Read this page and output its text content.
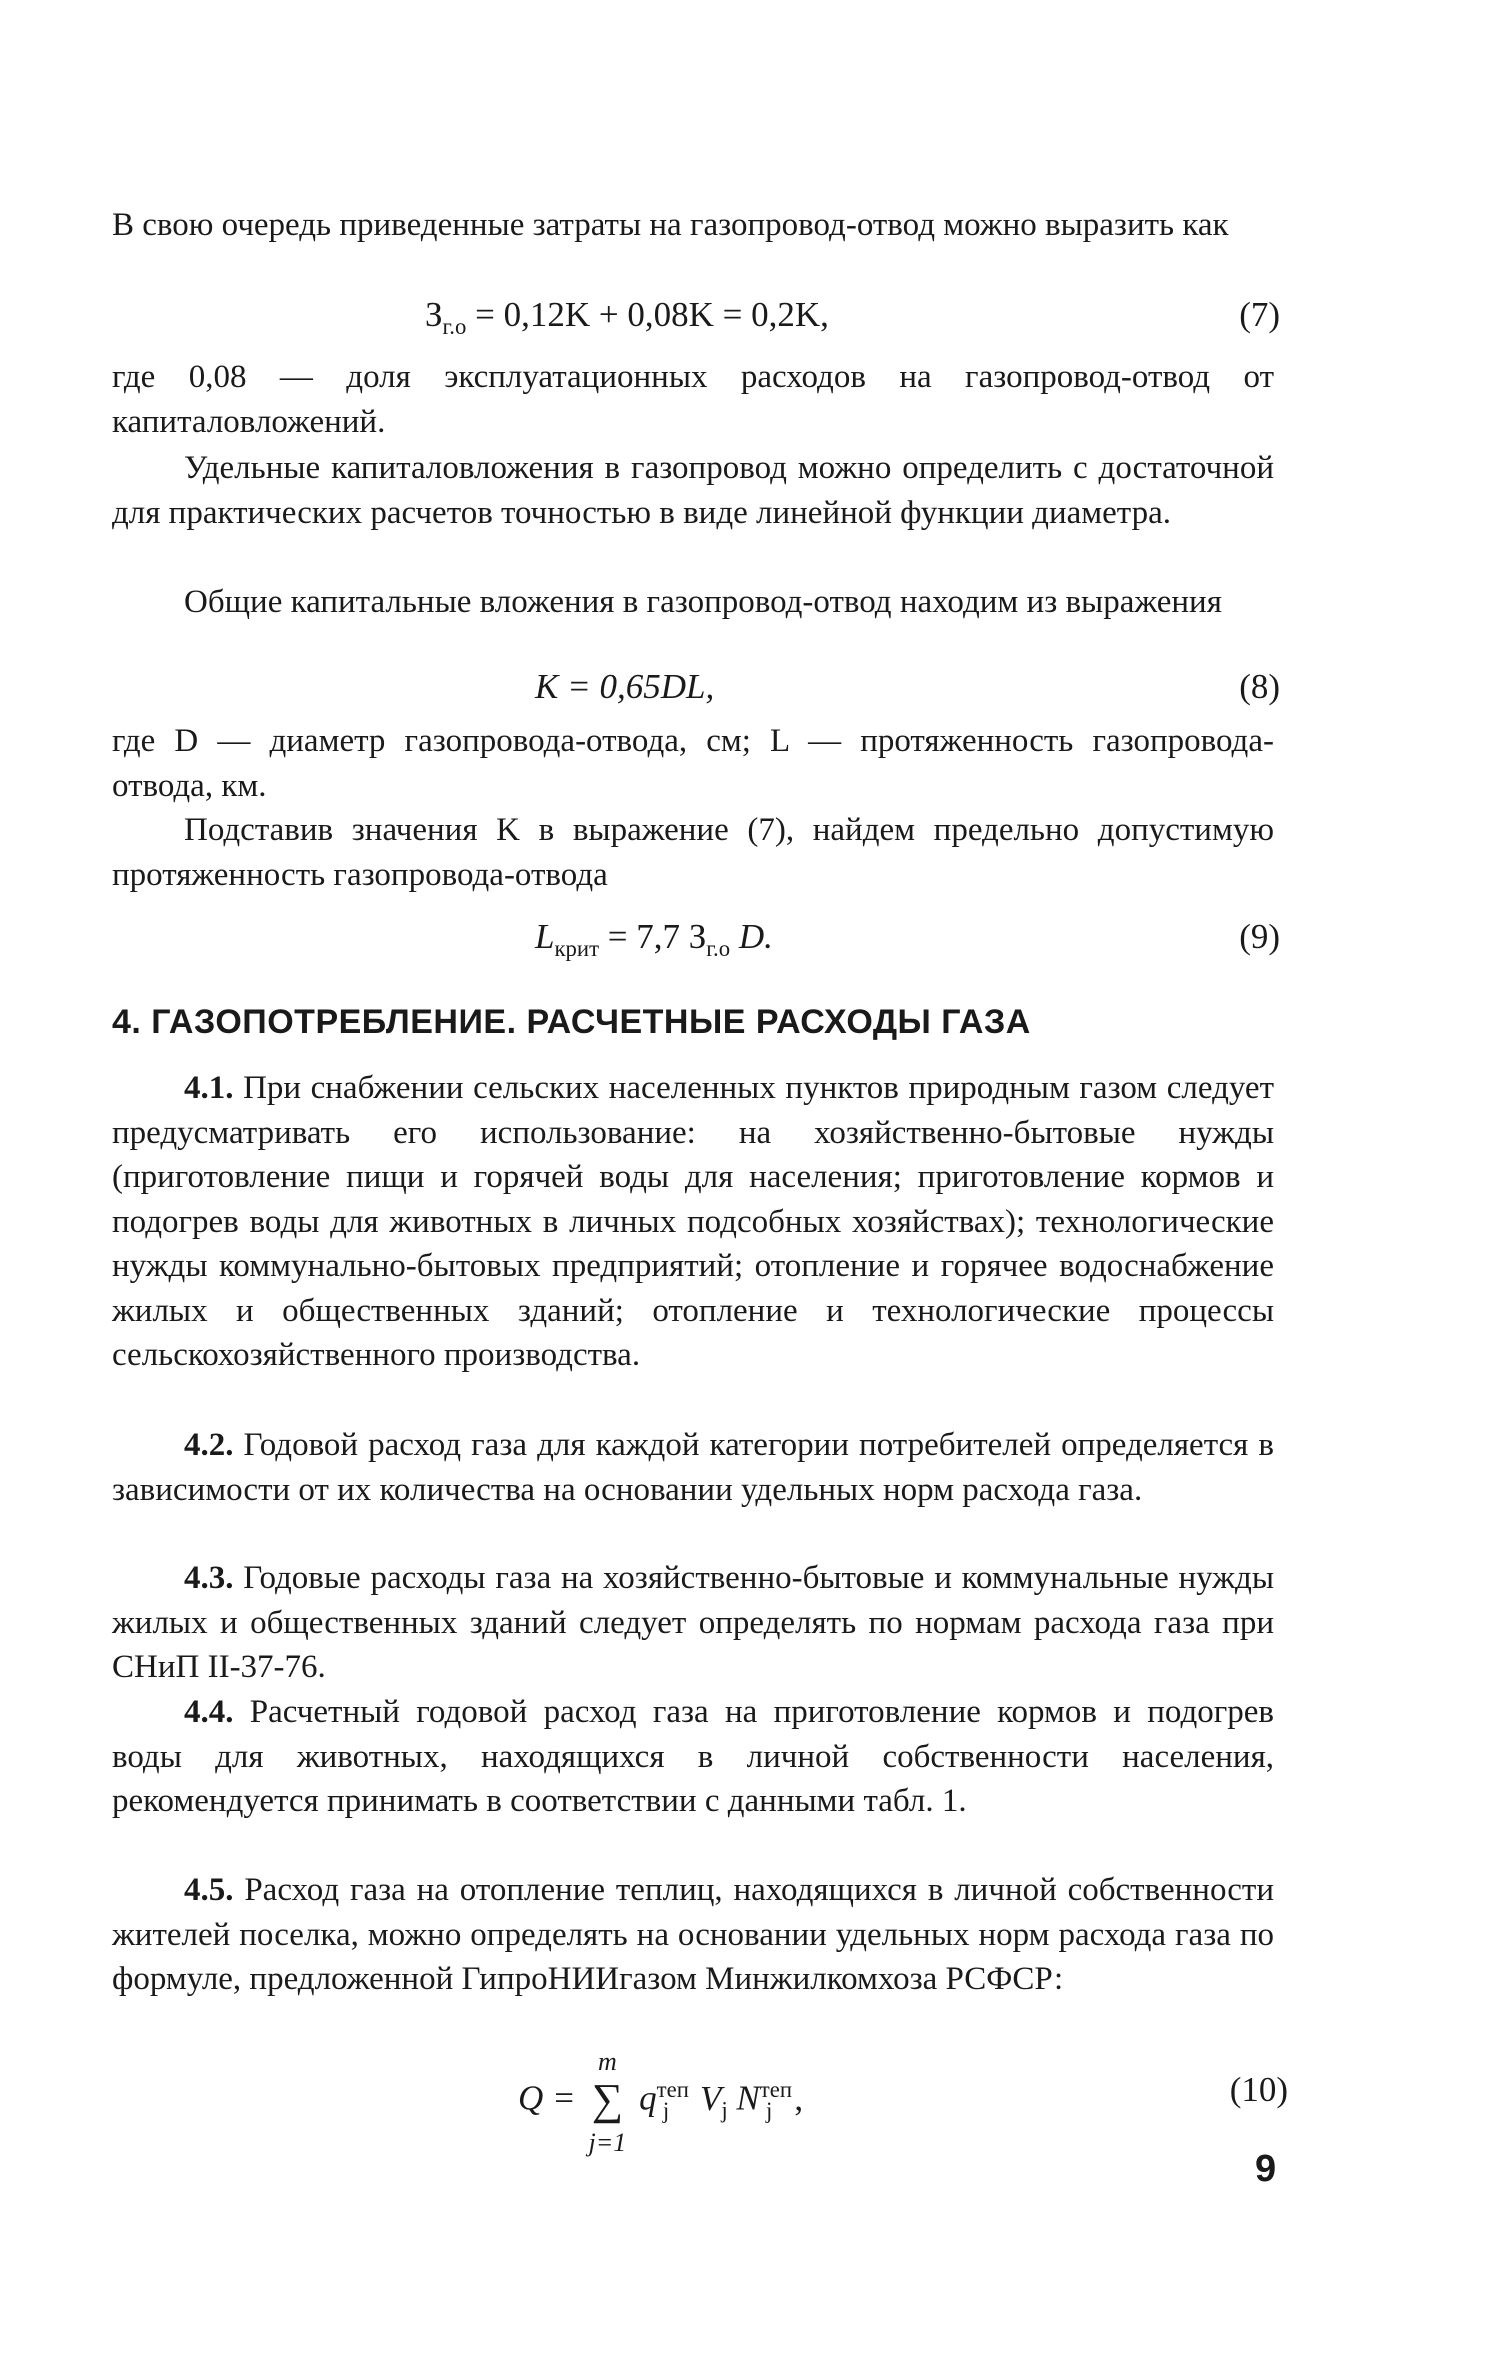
В свою очередь приведенные затраты на газопровод-отвод можно выразить как

$З_{г.о} = 0,12K + 0,08K = 0,2K$,	(7)

где 0,08 — доля эксплуатационных расходов на газопровод-отвод от капиталовложений.

Удельные капиталовложения в газопровод можно определить с достаточной для практических расчетов точностью в виде линейной функции диаметра.

Общие капитальные вложения в газопровод-отвод находим из выражения

K = 0,65DL,	(8)

где D — диаметр газопровода-отвода, см; L — протяженность газопровода-отвода, км.

Подставив значения K в выражение (7), найдем предельно допустимую протяженность газопровода-отвода

$L_{крит} = 7,7$ $З_{г.о}$ D.	(9)
4. ГАЗОПОТРЕБЛЕНИЕ. РАСЧЕТНЫЕ РАСХОДЫ ГАЗА

4.1. При снабжении сельских населенных пунктов природным газом следует предусматривать его использование: на хозяйственно-бытовые нужды (приготовление пищи и горячей воды для населения; приготовление кормов и подогрев воды для животных в личных подсобных хозяйствах); технологические нужды коммунально-бытовых предприятий; отопление и горячее водоснабжение жилых и общественных зданий; отопление и технологические процессы сельскохозяйственного производства.

4.2. Годовой расход газа для каждой категории потребителей определяется в зависимости от их количества на основании удельных норм расхода газа.

4.3. Годовые расходы газа на хозяйственно-бытовые и коммунальные нужды жилых и общественных зданий следует определять по нормам расхода газа при СНиП II-37-76.

4.4. Расчетный годовой расход газа на приготовление кормов и подогрев воды для животных, находящихся в личной собственности населения, рекомендуется принимать в соответствии с данными табл. 1.

4.5. Расход газа на отопление теплиц, находящихся в личной собственности жителей поселка, можно определять на основании удельных норм расхода газа по формуле, предложенной ГипроНИИгазом Минжилкомхоза РСФСР:

Q =
m
∑
j=1
$q^{теп}_j$ $V_j$ $N^{теп}_j$ ,	(10)
9
